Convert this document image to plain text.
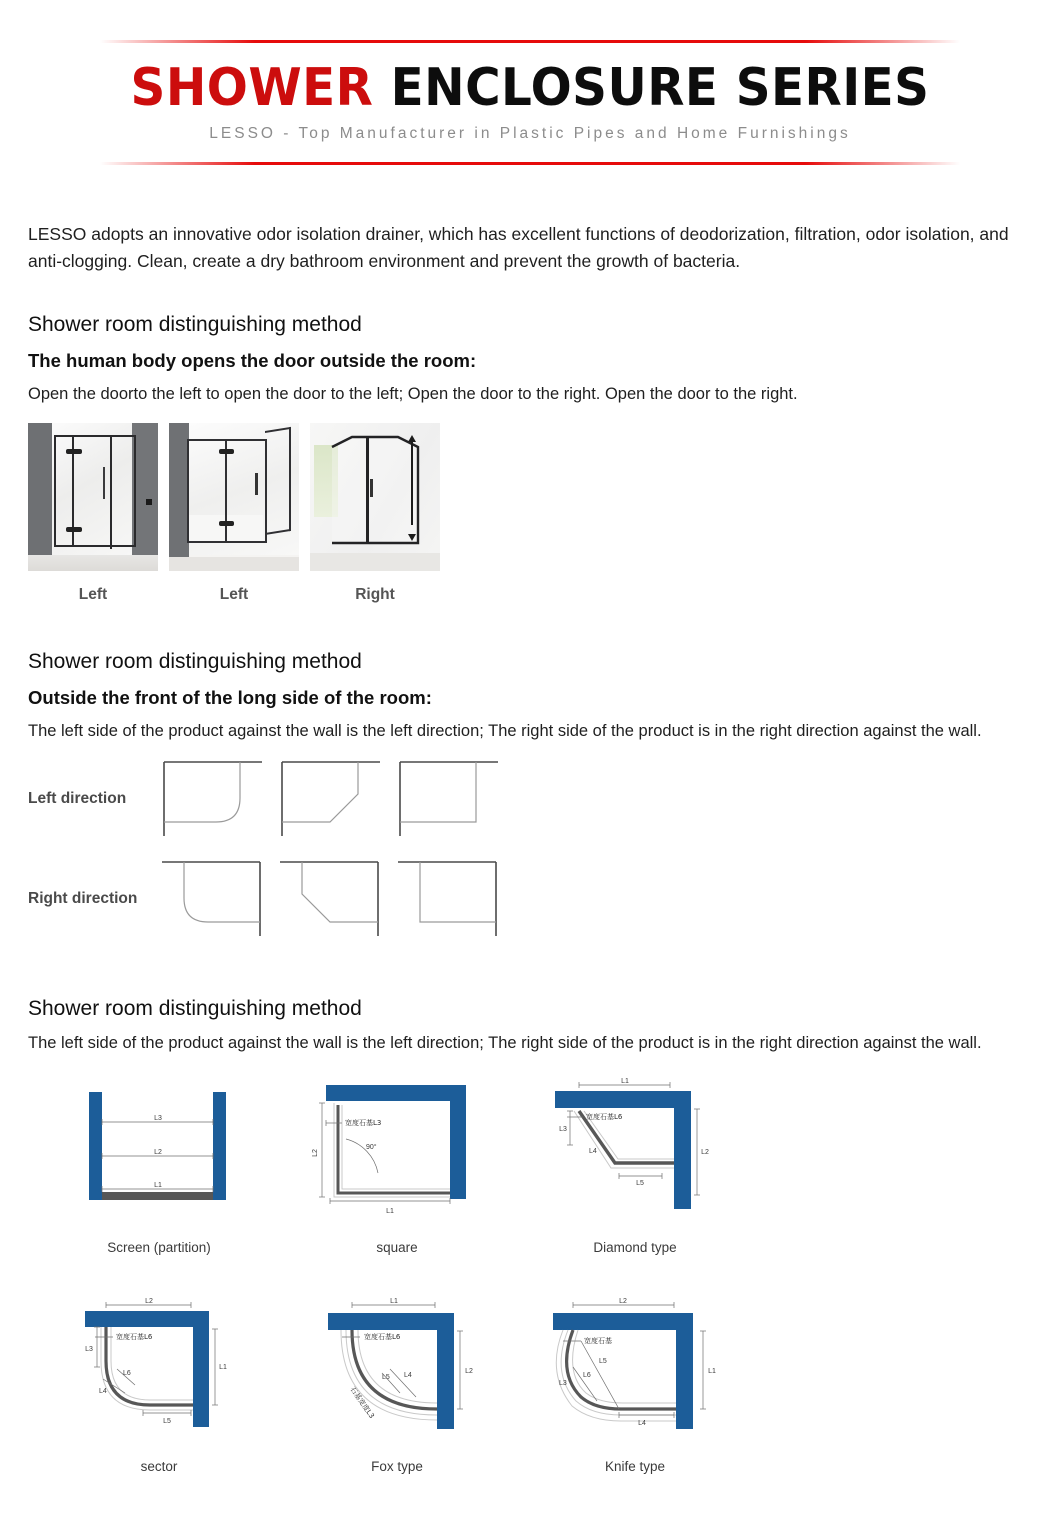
SHOWER ENCLOSURE SERIES
LESSO - Top Manufacturer in Plastic Pipes and Home Furnishings

LESSO adopts an innovative odor isolation drainer, which has excellent functions of deodorization, filtration, odor isolation, and anti-clogging. Clean, create a dry bathroom environment and prevent the growth of bacteria.

Shower room distinguishing method
The human body opens the door outside the room:

Open the doorto the left to open the door to the left; Open the door to the right. Open the door to the right.

Left	Left	Right
Shower room distinguishing method
Outside the front of the long side of the room:

The left side of the product against the wall is the left direction; The right side of the product is in the right direction against the wall.

Left direction
Right direction
Shower room distinguishing method

The left side of the product against the wall is the left direction; The right side of the product is in the right direction against the wall.

L3
L2
L1
Screen (partition)
L2
L1
90°
宽度石基L3
square
L1
L2
L3
L4
L5
宽度石基L6
Diamond type
L2
L1
L3
L4
L5
L6
宽度石基L6
sector
L1
L2
L4
L5
宽度石基L6
石基宽度L3
Fox type
L2
L1
L3
L4
L5
L6
宽度石基
Knife type
